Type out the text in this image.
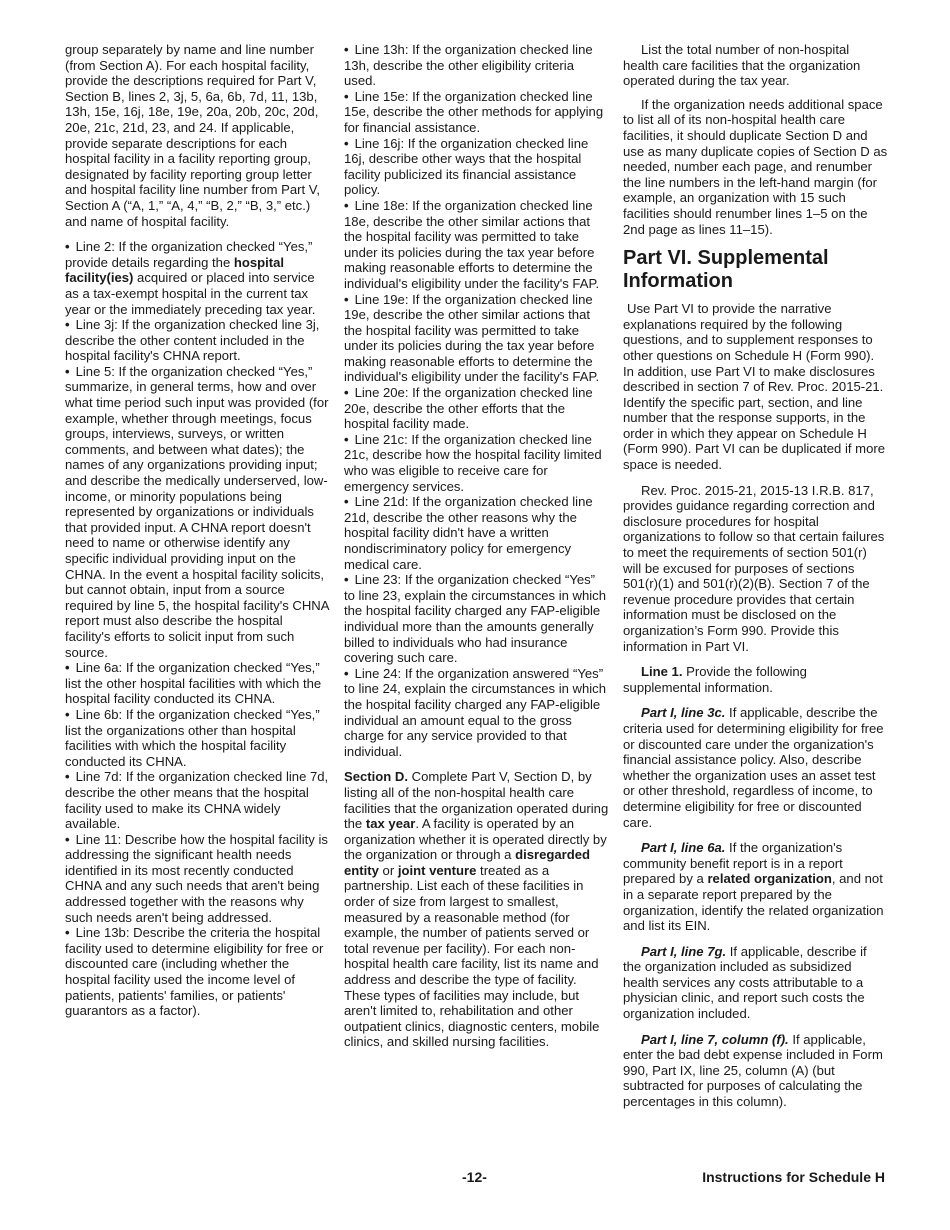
group separately by name and line number (from Section A). For each hospital facility, provide the descriptions required for Part V, Section B, lines 2, 3j, 5, 6a, 6b, 7d, 11, 13b, 13h, 15e, 16j, 18e, 19e, 20a, 20b, 20c, 20d, 20e, 21c, 21d, 23, and 24. If applicable, provide separate descriptions for each hospital facility in a facility reporting group, designated by facility reporting group letter and hospital facility line number from Part V, Section A (“A, 1,” “A, 4,” “B, 2,” “B, 3,” etc.) and name of hospital facility.

• Line 2: If the organization checked “Yes,” provide details regarding the hospital facility(ies) acquired or placed into service as a tax-exempt hospital in the current tax year or the immediately preceding tax year.

• Line 3j: If the organization checked line 3j, describe the other content included in the hospital facility's CHNA report.

• Line 5: If the organization checked “Yes,” summarize, in general terms, how and over what time period such input was provided (for example, whether through meetings, focus groups, interviews, surveys, or written comments, and between what dates); the names of any organizations providing input; and describe the medically underserved, low-income, or minority populations being represented by organizations or individuals that provided input. A CHNA report doesn't need to name or otherwise identify any specific individual providing input on the CHNA. In the event a hospital facility solicits, but cannot obtain, input from a source required by line 5, the hospital facility's CHNA report must also describe the hospital facility's efforts to solicit input from such source.

• Line 6a: If the organization checked “Yes,” list the other hospital facilities with which the hospital facility conducted its CHNA.

• Line 6b: If the organization checked “Yes,” list the organizations other than hospital facilities with which the hospital facility conducted its CHNA.

• Line 7d: If the organization checked line 7d, describe the other means that the hospital facility used to make its CHNA widely available.

• Line 11: Describe how the hospital facility is addressing the significant health needs identified in its most recently conducted CHNA and any such needs that aren't being addressed together with the reasons why such needs aren't being addressed.

• Line 13b: Describe the criteria the hospital facility used to determine eligibility for free or discounted care (including whether the hospital facility used the income level of patients, patients' families, or patients' guarantors as a factor).

• Line 13h: If the organization checked line 13h, describe the other eligibility criteria used.

• Line 15e: If the organization checked line 15e, describe the other methods for applying for financial assistance.

• Line 16j: If the organization checked line 16j, describe other ways that the hospital facility publicized its financial assistance policy.

• Line 18e: If the organization checked line 18e, describe the other similar actions that the hospital facility was permitted to take under its policies during the tax year before making reasonable efforts to determine the individual's eligibility under the facility's FAP.

• Line 19e: If the organization checked line 19e, describe the other similar actions that the hospital facility was permitted to take under its policies during the tax year before making reasonable efforts to determine the individual's eligibility under the facility's FAP.

• Line 20e: If the organization checked line 20e, describe the other efforts that the hospital facility made.

• Line 21c: If the organization checked line 21c, describe how the hospital facility limited who was eligible to receive care for emergency services.

• Line 21d: If the organization checked line 21d, describe the other reasons why the hospital facility didn't have a written nondiscriminatory policy for emergency medical care.

• Line 23: If the organization checked “Yes” to line 23, explain the circumstances in which the hospital facility charged any FAP-eligible individual more than the amounts generally billed to individuals who had insurance covering such care.

• Line 24: If the organization answered “Yes” to line 24, explain the circumstances in which the hospital facility charged any FAP-eligible individual an amount equal to the gross charge for any service provided to that individual.

Section D. Complete Part V, Section D, by listing all of the non-hospital health care facilities that the organization operated during the tax year. A facility is operated by an organization whether it is operated directly by the organization or through a disregarded entity or joint venture treated as a partnership. List each of these facilities in order of size from largest to smallest, measured by a reasonable method (for example, the number of patients served or total revenue per facility). For each non-hospital health care facility, list its name and address and describe the type of facility. These types of facilities may include, but aren't limited to, rehabilitation and other outpatient clinics, diagnostic centers, mobile clinics, and skilled nursing facilities.

List the total number of non-hospital health care facilities that the organization operated during the tax year.

If the organization needs additional space to list all of its non-hospital health care facilities, it should duplicate Section D and use as many duplicate copies of Section D as needed, number each page, and renumber the line numbers in the left-hand margin (for example, an organization with 15 such facilities should renumber lines 1–5 on the 2nd page as lines 11–15).

Part VI. Supplemental Information

Use Part VI to provide the narrative explanations required by the following questions, and to supplement responses to other questions on Schedule H (Form 990). In addition, use Part VI to make disclosures described in section 7 of Rev. Proc. 2015-21. Identify the specific part, section, and line number that the response supports, in the order in which they appear on Schedule H (Form 990). Part VI can be duplicated if more space is needed.

Rev. Proc. 2015-21, 2015-13 I.R.B. 817, provides guidance regarding correction and disclosure procedures for hospital organizations to follow so that certain failures to meet the requirements of section 501(r) will be excused for purposes of sections 501(r)(1) and 501(r)(2)(B). Section 7 of the revenue procedure provides that certain information must be disclosed on the organization’s Form 990. Provide this information in Part VI.

Line 1. Provide the following supplemental information.

Part I, line 3c. If applicable, describe the criteria used for determining eligibility for free or discounted care under the organization's financial assistance policy. Also, describe whether the organization uses an asset test or other threshold, regardless of income, to determine eligibility for free or discounted care.

Part I, line 6a. If the organization's community benefit report is in a report prepared by a related organization, and not in a separate report prepared by the organization, identify the related organization and list its EIN.

Part I, line 7g. If applicable, describe if the organization included as subsidized health services any costs attributable to a physician clinic, and report such costs the organization included.

Part I, line 7, column (f). If applicable, enter the bad debt expense included in Form 990, Part IX, line 25, column (A) (but subtracted for purposes of calculating the percentages in this column).

-12-	Instructions for Schedule H
